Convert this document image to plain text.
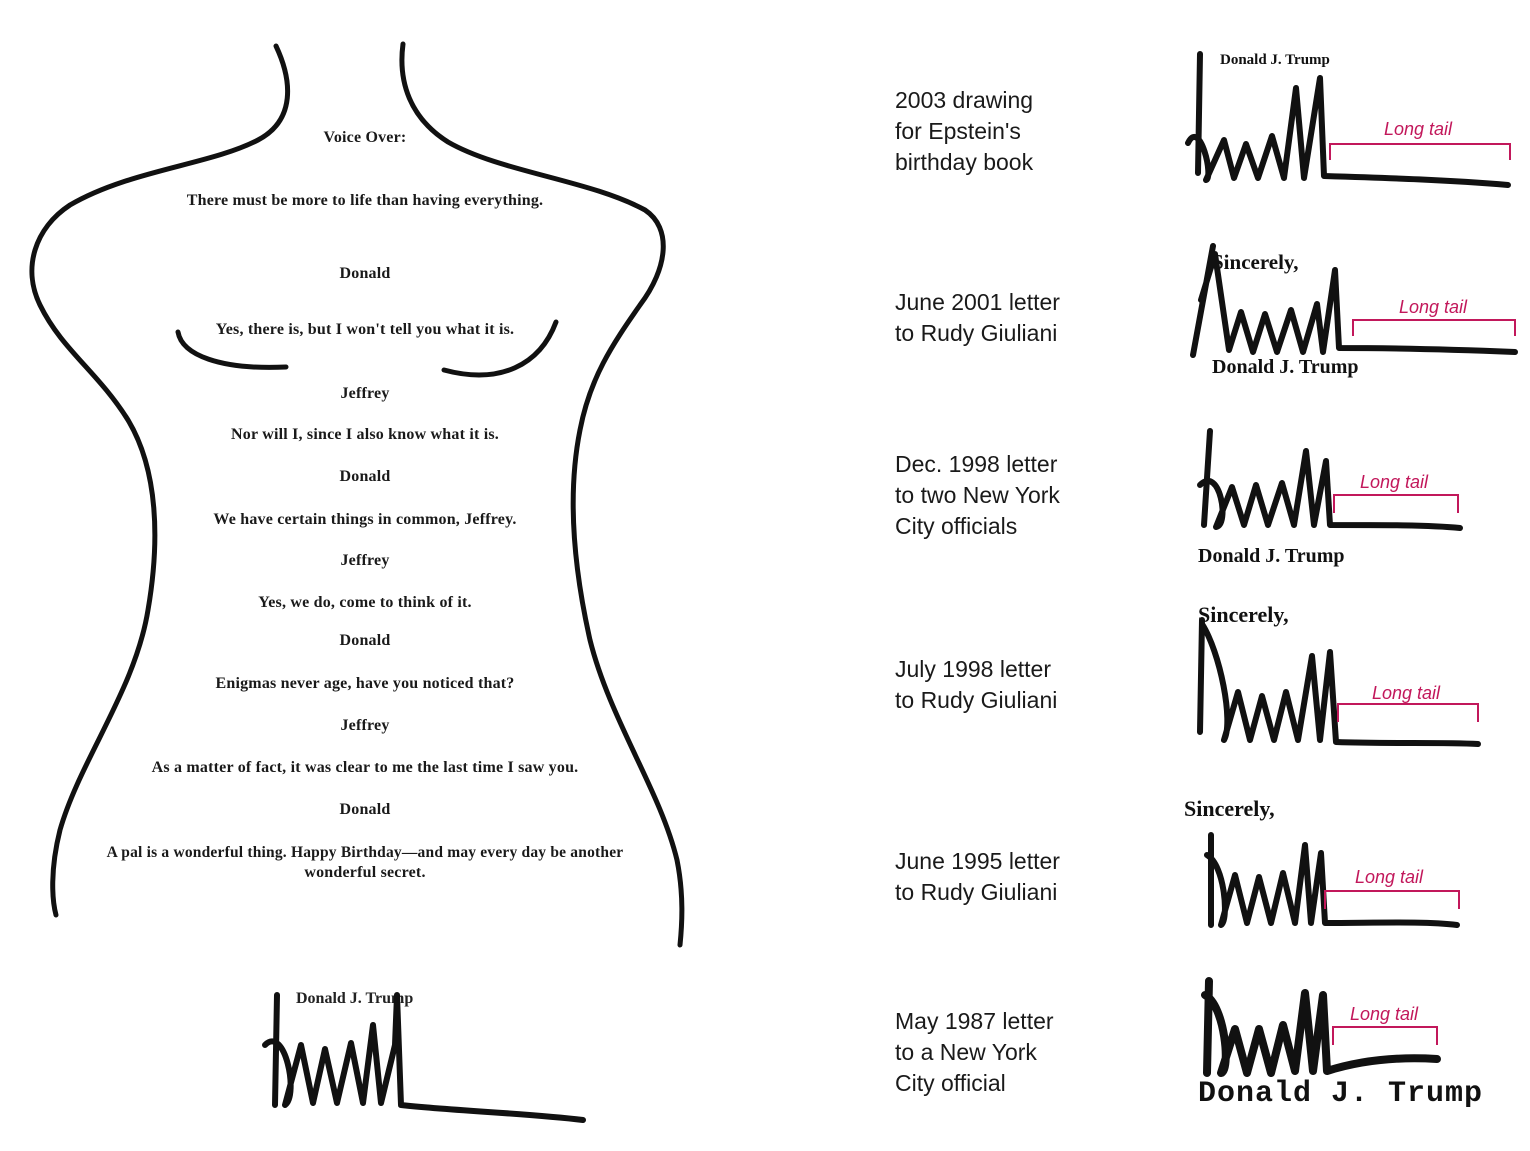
Voice Over:
There must be more to life than having everything.
Donald
Yes, there is, but I won't tell you what it is.
Jeffrey
Nor will I, since I also know what it is.
Donald
We have certain things in common, Jeffrey.
Jeffrey
Yes, we do, come to think of it.
Donald
Enigmas never age, have you noticed that?
Jeffrey
As a matter of fact, it was clear to me the last time I saw you.
Donald
A pal is a wonderful thing. Happy Birthday—and may every day be another
wonderful secret.
Donald J. Trump
2003 drawing
for Epstein's
birthday book
Donald J. Trump
Long tail
June 2001 letter
to Rudy Giuliani
Sincerely,
Long tail
Donald J. Trump
Dec. 1998 letter
to two New York
City officials
Long tail
Donald J. Trump
July 1998 letter
to Rudy Giuliani
Sincerely,
Long tail
June 1995 letter
to Rudy Giuliani
Sincerely,
Long tail
May 1987 letter
to a New York
City official
Long tail
Donald J. Trump
